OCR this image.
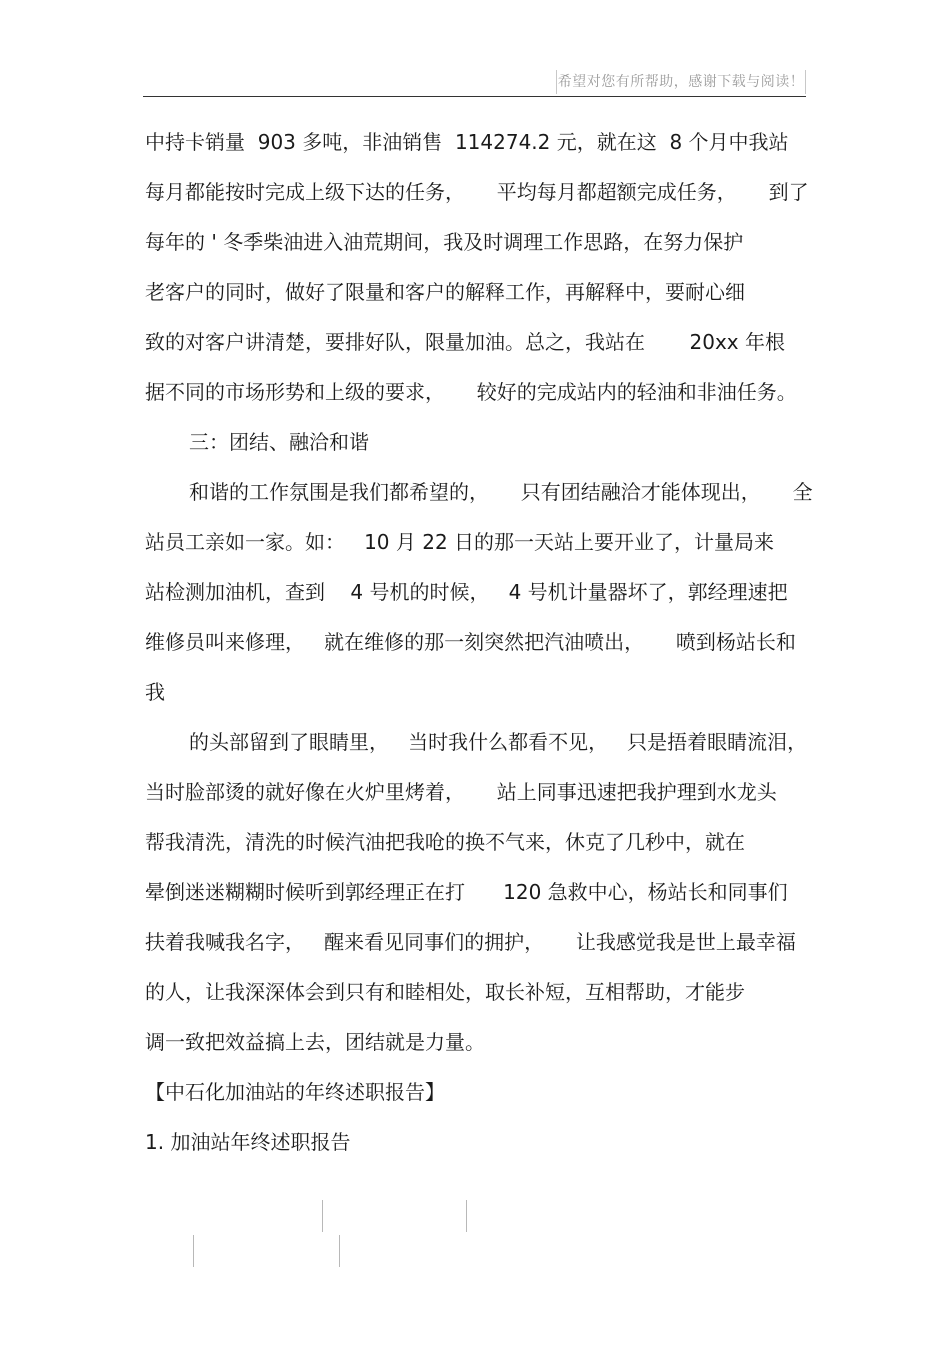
希望对您有所帮助，感谢下载与阅读！
中持卡销量  903 多吨，非油销售  114274.2 元，就在这  8 个月中我站
每月都能按时完成上级下达的任务，     平均每月都超额完成任务，     到了
每年的 ' 冬季柴油进入油荒期间，我及时调理工作思路，在努力保护
老客户的同时，做好了限量和客户的解释工作，再解释中，要耐心细
致的对客户讲清楚，要排好队，限量加油。总之，我站在       20xx 年根
据不同的市场形势和上级的要求，     较好的完成站内的轻油和非油任务。
三：团结、融洽和谐
和谐的工作氛围是我们都希望的，     只有团结融洽才能体现出，     全
站员工亲如一家。如：   10 月 22 日的那一天站上要开业了，计量局来
站检测加油机，查到    4 号机的时候，   4 号机计量器坏了，郭经理速把
维修员叫来修理，   就在维修的那一刻突然把汽油喷出，     喷到杨站长和
我
的头部留到了眼睛里，   当时我什么都看不见，   只是捂着眼睛流泪，
当时脸部烫的就好像在火炉里烤着，     站上同事迅速把我护理到水龙头
帮我清洗，清洗的时候汽油把我呛的换不气来，休克了几秒中，就在
晕倒迷迷糊糊时候听到郭经理正在打      120 急救中心，杨站长和同事们
扶着我喊我名字，   醒来看见同事们的拥护，     让我感觉我是世上最幸福
的人，让我深深体会到只有和睦相处，取长补短，互相帮助，才能步
调一致把效益搞上去，团结就是力量。
【中石化加油站的年终述职报告】
1. 加油站年终述职报告
